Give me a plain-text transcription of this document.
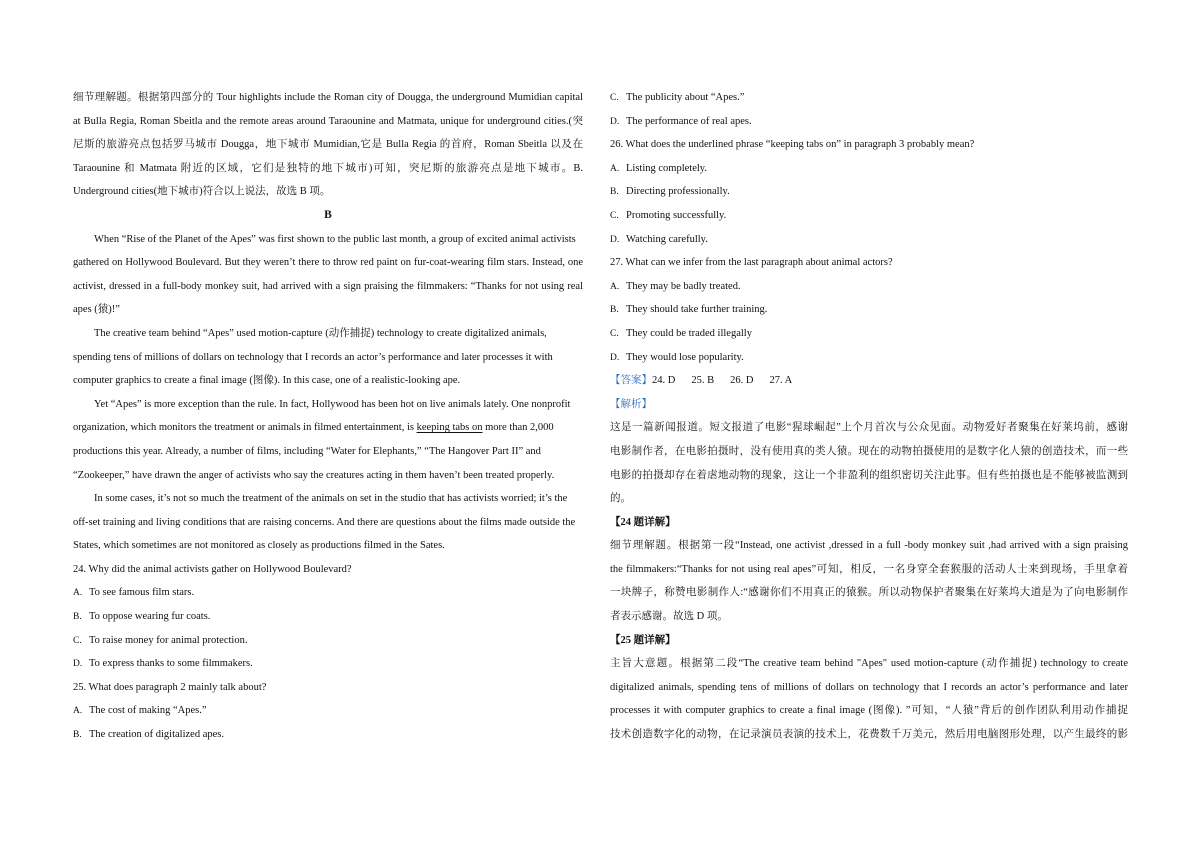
细节理解题。根据第四部分的 Tour highlights include the Roman city of Dougga, the underground Mumidian capital
at Bulla Regia, Roman Sbeitla and the remote areas around Taraounine and Matmata, unique for underground cities.(突
尼斯的旅游亮点包括罗马城市 Dougga，地下城市 Mumidian,它是 Bulla Regia 的首府，Roman Sbeitla 以及在
Taraounine 和 Matmata 附近的区域，它们是独特的地下城市)可知，突尼斯的旅游亮点是地下城市。B.
Underground cities(地下城市)符合以上说法，故选 B 项。
B
When “Rise of the Planet of the Apes” was first shown to the public last month, a group of excited animal activists
gathered on Hollywood Boulevard. But they weren’t there to throw red paint on fur-coat-wearing film stars. Instead, one
activist, dressed in a full-body monkey suit, had arrived with a sign praising the filmmakers: “Thanks for not using real
apes (猿)!”
The creative team behind “Apes” used motion-capture (动作捕捉) technology to create digitalized animals,
spending tens of millions of dollars on technology that I records an actor’s performance and later processes it with
computer graphics to create a final image (图像). In this case, one of a realistic-looking ape.
Yet “Apes” is more exception than the rule. In fact, Hollywood has been hot on live animals lately. One nonprofit
organization, which monitors the treatment or animals in filmed entertainment, is keeping tabs on more than 2,000
productions this year. Already, a number of films, including “Water for Elephants,” “The Hangover Part II” and
“Zookeeper,” have drawn the anger of activists who say the creatures acting in them haven’t been treated properly.
In some cases, it’s not so much the treatment of the animals on set in the studio that has activists worried; it’s the
off-set training and living conditions that are raising concerns. And there are questions about the films made outside the
States, which sometimes are not monitored as closely as productions filmed in the Sates.
24. Why did the animal activists gather on Hollywood Boulevard?
A. To see famous film stars.
B. To oppose wearing fur coats.
C. To raise money for animal protection.
D. To express thanks to some filmmakers.
25. What does paragraph 2 mainly talk about?
A. The cost of making “Apes.”
B. The creation of digitalized apes.
C. The publicity about “Apes.”
D. The performance of real apes.
26. What does the underlined phrase “keeping tabs on” in paragraph 3 probably mean?
A. Listing completely.
B. Directing professionally.
C. Promoting successfully.
D. Watching carefully.
27. What can we infer from the last paragraph about animal actors?
A. They may be badly treated.
B. They should take further training.
C. They could be traded illegally
D. They would lose popularity.
【答案】24. D 25. B 26. D 27. A
【解析】
这是一篇新闻报道。短文报道了电影“猩球崛起”上个月首次与公众见面。动物爱好者聚集在好莱坞前，感谢
电影制作者，在电影拍摄时，没有使用真的类人猿。现在的动物拍摄使用的是数字化人猿的创造技术，而一些
电影的拍摄却存在着虐地动物的现象，这让一个非盈利的组织密切关注此事。但有些拍摄也是不能够被监测到
的。
【24 题详解】
细节理解题。根据第一段“Instead, one activist ,dressed in a full -body monkey suit ,had arrived with a sign praising
the filmmakers:“Thanks for not using real apes”可知，相反，一名身穿全套猴服的活动人士来到现场，手里拿着
一块牌子，称赞电影制作人:“感谢你们不用真正的猿猴。所以动物保护者聚集在好莱坞大道是为了向电影制作
者表示感谢。故选 D 项。
【25 题详解】
主旨大意题。根据第二段“The creative team behind "Apes" used motion-capture (动作捕捉) technology to create
digitalized animals, spending tens of millions of dollars on technology that I records an actor’s performance and later
processes it with computer graphics to create a final image (图像). ”可知，“人猿”背后的创作团队利用动作捕捉
技术创造数字化的动物，在记录演员表演的技术上，花费数千万美元，然后用电脑图形处理，以产生最终的影
